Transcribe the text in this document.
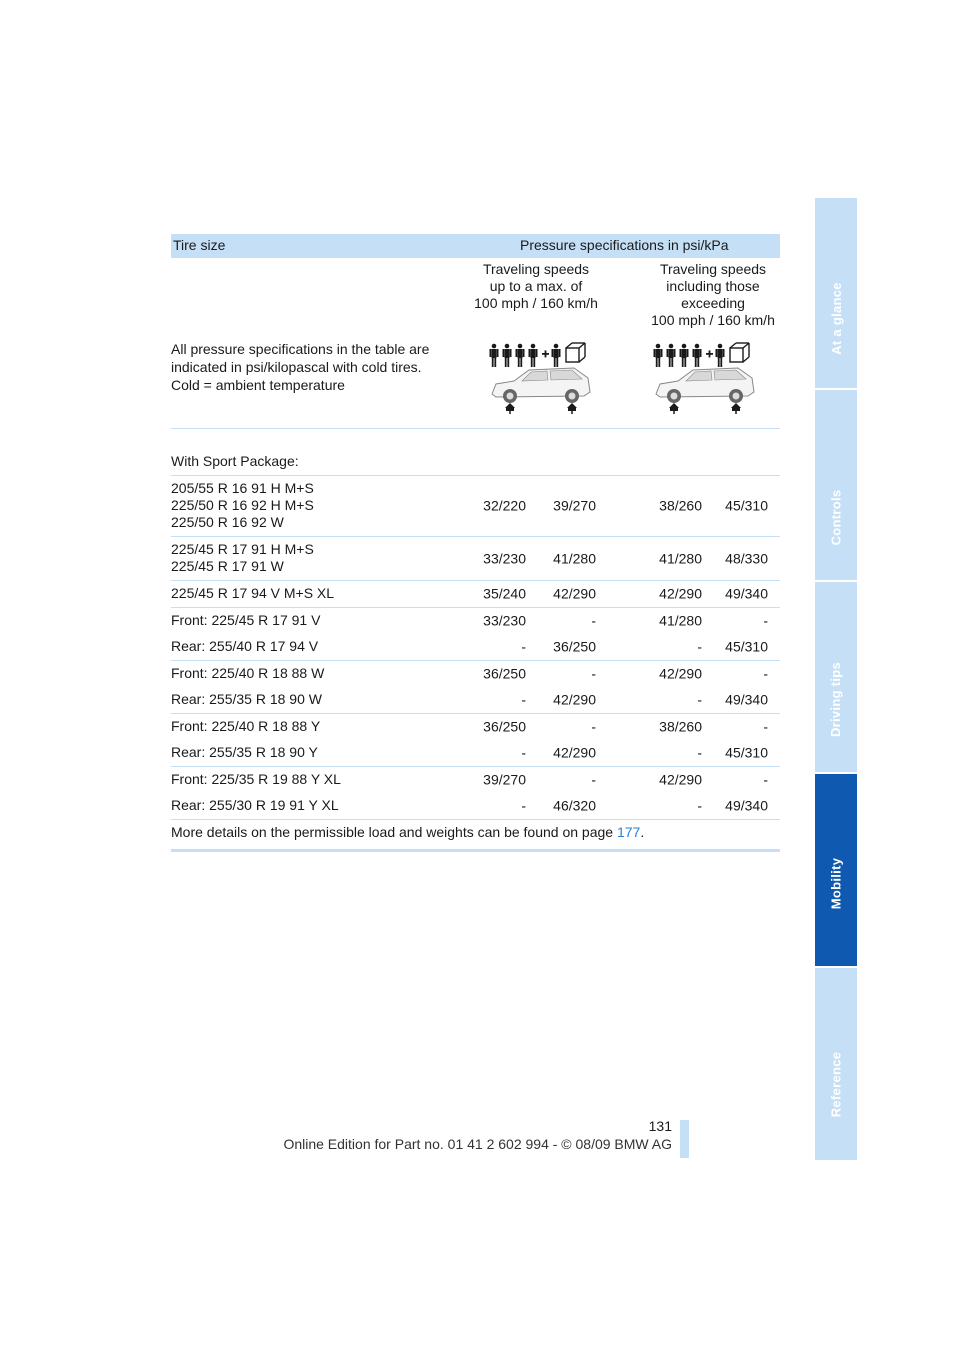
At a glance
Controls
Driving tips
Mobility
Reference
Tire size	Pressure specifications in psi/kPa
Traveling speeds
up to a max. of
100 mph / 160 km/h
Traveling speeds
including those
exceeding
100 mph / 160 km/h
All pressure specifications in the table are
indicated in psi/kilopascal with cold tires.
Cold = ambient temperature
With Sport Package:
205/55 R 16 91 H M+S
225/50 R 16 92 H M+S
225/50 R 16 92 W
32/220 39/270	38/260 45/310
225/45 R 17 91 H M+S
225/45 R 17 91 W	33/230 41/280	41/280 48/330
225/45 R 17 94 V M+S XL	35/240 42/290	42/290 49/340
Front: 225/45 R 17 91 V	33/230	-	41/280	-
Rear: 255/40 R 17 94 V	- 36/250	- 45/310
Front: 225/40 R 18 88 W	36/250	-	42/290	-
Rear: 255/35 R 18 90 W	- 42/290	- 49/340
Front: 225/40 R 18 88 Y	36/250	-	38/260	-
Rear: 255/35 R 18 90 Y	- 42/290	- 45/310
Front: 225/35 R 19 88 Y XL	39/270	-	42/290	-
Rear: 255/30 R 19 91 Y XL	- 46/320	- 49/340
More details on the permissible load and weights can be found on page 177.
131
Online Edition for Part no. 01 41 2 602 994 - © 08/09 BMW AG
